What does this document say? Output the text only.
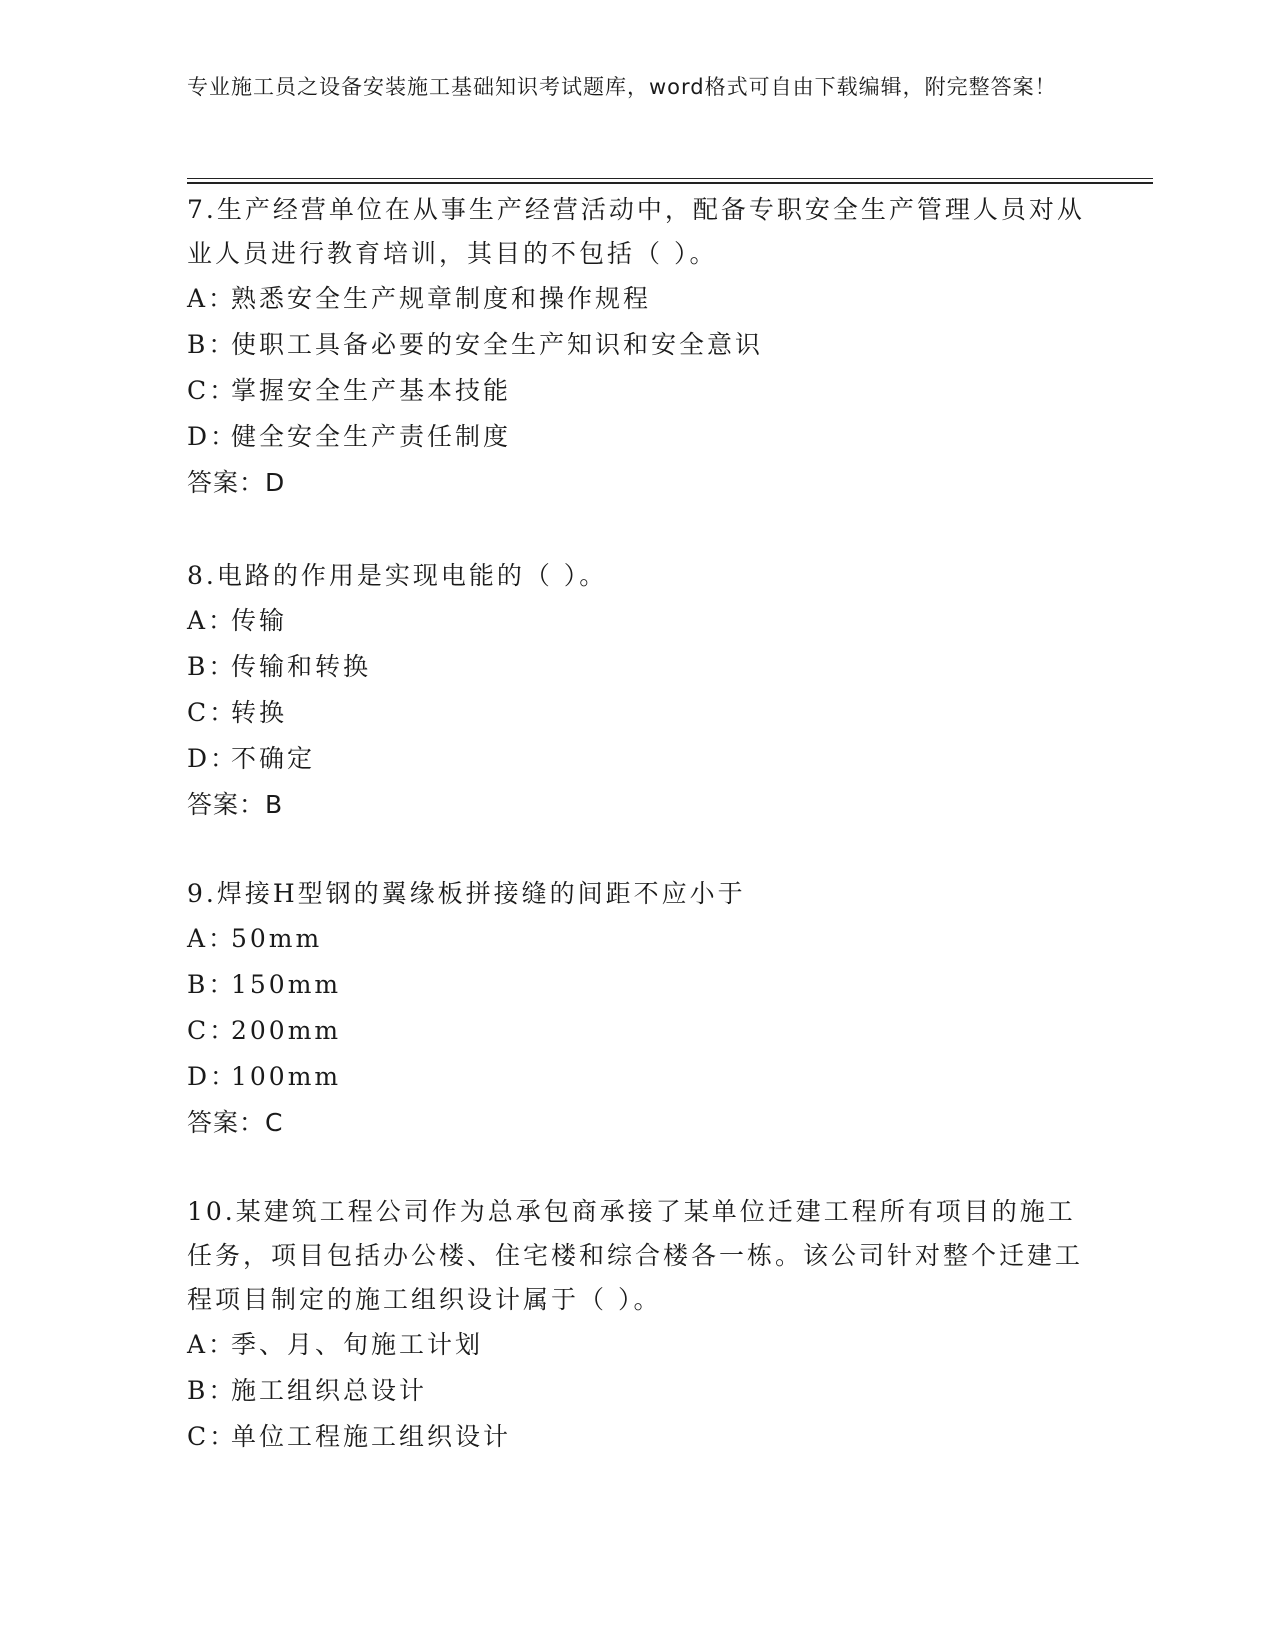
专业施工员之设备安装施工基础知识考试题库，word格式可自由下载编辑，附完整答案！

7.生产经营单位在从事生产经营活动中，配备专职安全生产管理人员对从业人员进行教育培训，其目的不包括（ ）。

A：熟悉安全生产规章制度和操作规程

B：使职工具备必要的安全生产知识和安全意识

C：掌握安全生产基本技能

D：健全安全生产责任制度

答案：D

8.电路的作用是实现电能的（ ）。

A：传输

B：传输和转换

C：转换

D：不确定

答案：B

9.焊接H型钢的翼缘板拼接缝的间距不应小于

A：50mm

B：150mm

C：200mm

D：100mm

答案：C

10.某建筑工程公司作为总承包商承接了某单位迁建工程所有项目的施工任务，项目包括办公楼、住宅楼和综合楼各一栋。该公司针对整个迁建工程项目制定的施工组织设计属于（ ）。

A：季、月、旬施工计划

B：施工组织总设计

C：单位工程施工组织设计
